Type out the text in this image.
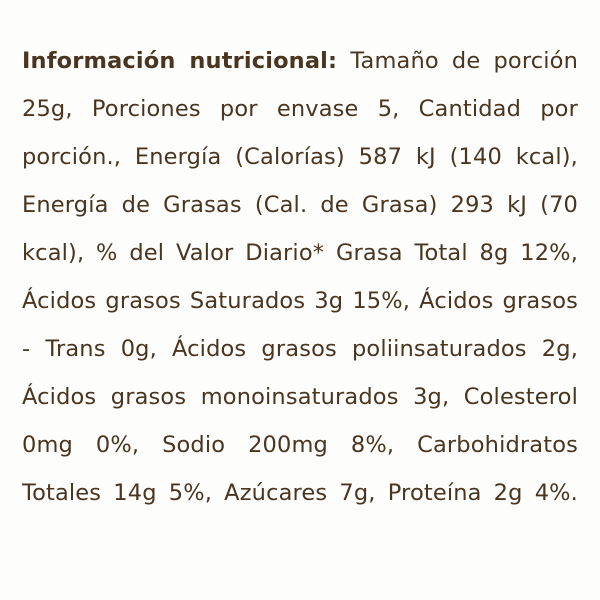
Información nutricional: Tamaño de porción 25g, Porciones por envase 5, Cantidad por porción., Energía (Calorías) 587 kJ (140 kcal), Energía de Grasas (Cal. de Grasa) 293 kJ (70 kcal), % del Valor Diario* Grasa Total 8g 12%, Ácidos grasos Saturados 3g 15%, Ácidos grasos - Trans 0g, Ácidos grasos poliinsaturados 2g, Ácidos grasos monoinsaturados 3g, Colesterol 0mg 0%, Sodio 200mg 8%, Carbohidratos Totales 14g 5%, Azúcares 7g, Proteína 2g 4%.
